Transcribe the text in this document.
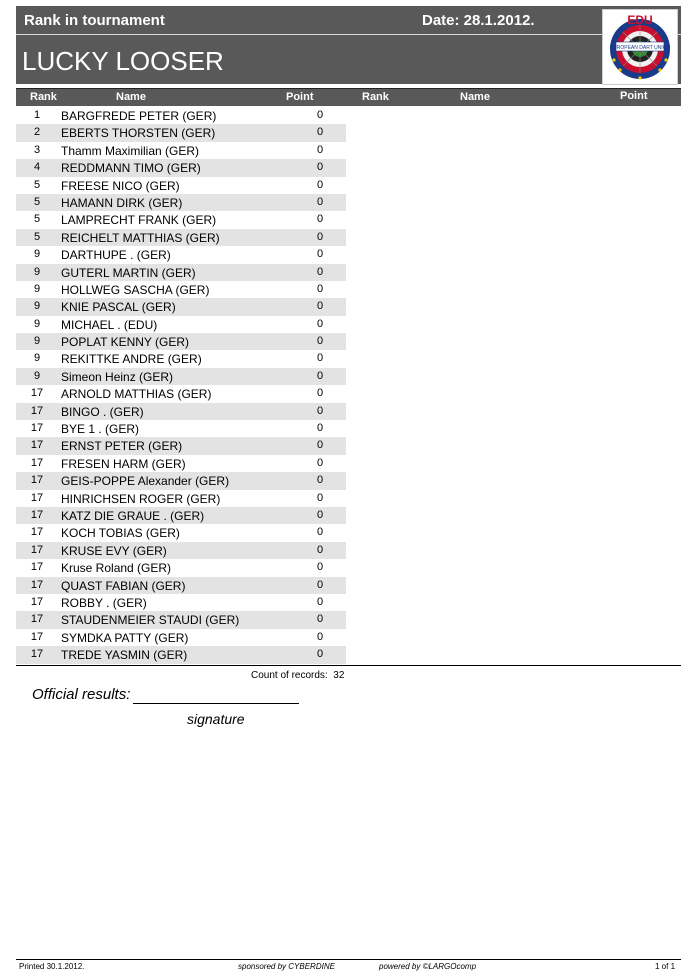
Rank in tournament	Date: 28.1.2012.
LUCKY LOOSER	EUROPEAN DART UNION
EDU
Rank	Name	Point	Rank	Name	Point
1	BARGFREDE PETER (GER)	0
2	EBERTS THORSTEN (GER)	0
3	Thamm Maximilian (GER)	0
4	REDDMANN TIMO (GER)	0
5	FREESE NICO (GER)	0
5	HAMANN DIRK (GER)	0
5	LAMPRECHT FRANK (GER)	0
5	REICHELT MATTHIAS (GER)	0
9	DARTHUPE . (GER)	0
9	GUTERL MARTIN (GER)	0
9	HOLLWEG SASCHA (GER)	0
9	KNIE PASCAL (GER)	0
9	MICHAEL . (EDU)	0
9	POPLAT KENNY (GER)	0
9	REKITTKE ANDRE (GER)	0
9	Simeon Heinz (GER)	0
17	ARNOLD MATTHIAS (GER)	0
17	BINGO . (GER)	0
17	BYE 1 . (GER)	0
17	ERNST PETER (GER)	0
17	FRESEN HARM (GER)	0
17	GEIS-POPPE Alexander (GER)	0
17	HINRICHSEN ROGER (GER)	0
17	KATZ DIE GRAUE . (GER)	0
17	KOCH TOBIAS (GER)	0
17	KRUSE EVY (GER)	0
17	Kruse Roland (GER)	0
17	QUAST FABIAN (GER)	0
17	ROBBY . (GER)	0
17	STAUDENMEIER STAUDI (GER)	0
17	SYMDKA PATTY (GER)	0
17	TREDE YASMIN (GER)	0
Count of records: 32
Official results:
signature
Printed 30.1.2012.	sponsored by CYBERDINE	powered by ©LARGOcomp	1 of 1
